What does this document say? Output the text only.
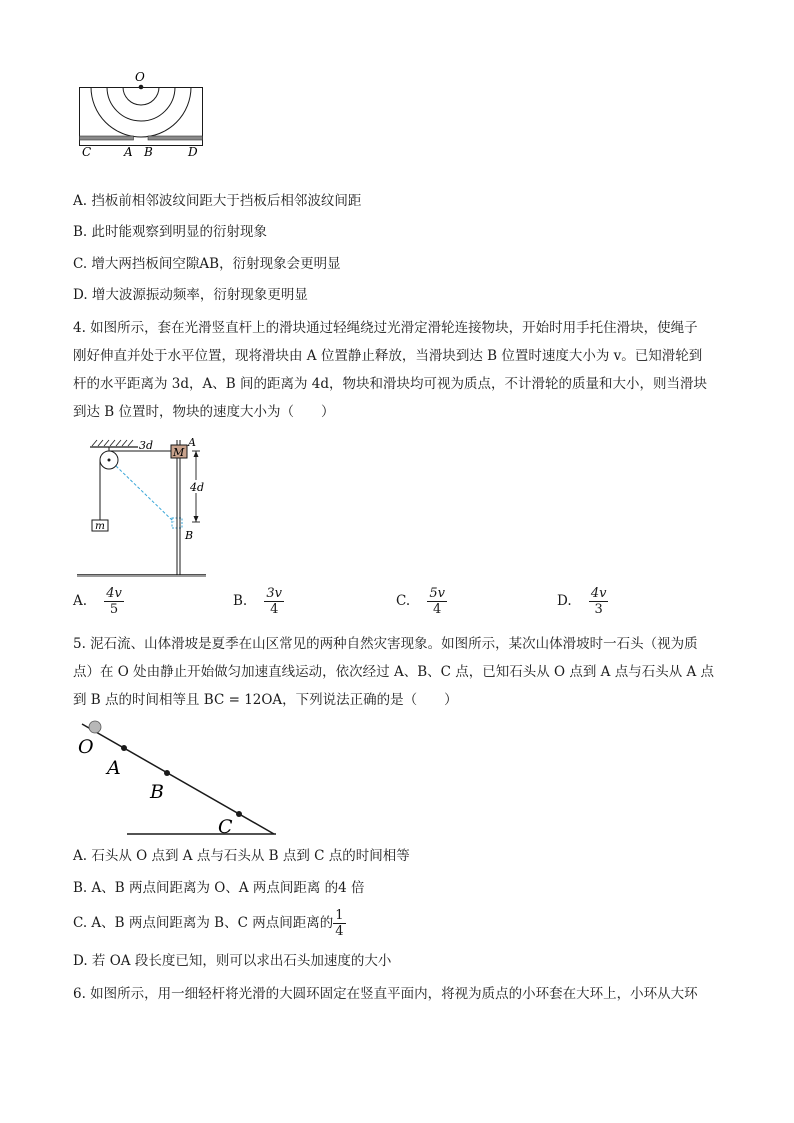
O
C	A B	D
A. 挡板前相邻波纹间距大于挡板后相邻波纹间距
B. 此时能观察到明显的衍射现象
C. 增大两挡板间空隙AB，衍射现象会更明显
D. 增大波源振动频率，衍射现象更明显
4. 如图所示，套在光滑竖直杆上的滑块通过轻绳绕过光滑定滑轮连接物块，开始时用手托住滑块，使绳子
刚好伸直并处于水平位置，现将滑块由 A 位置静止释放，当滑块到达 B 位置时速度大小为 v。已知滑轮到
杆的水平距离为 3d，A、B 间的距离为 4d，物块和滑块均可视为质点，不计滑轮的质量和大小，则当滑块
到达 B 位置时，物块的速度大小为（　　）
m
M
3d	A
B
4d
A. $\frac{4v}{5}$	B. $\frac{3v}{4}$	C. $\frac{5v}{4}$	D. $\frac{4v}{3}$
5. 泥石流、山体滑坡是夏季在山区常见的两种自然灾害现象。如图所示，某次山体滑坡时一石头（视为质
点）在 O 处由静止开始做匀加速直线运动，依次经过 A、B、C 点，已知石头从 O 点到 A 点与石头从 A 点
到 B 点的时间相等且 BC = 12OA，下列说法正确的是（　　）
O
A
B
C
A. 石头从 O 点到 A 点与石头从 B 点到 C 点的时间相等
B. A、B 两点间距离为 O、A 两点间距离 的4 倍
C. A、B 两点间距离为 B、C 两点间距离的 $\frac{1}{4}$
D. 若 OA 段长度已知，则可以求出石头加速度的大小
6. 如图所示，用一细轻杆将光滑的大圆环固定在竖直平面内，将视为质点的小环套在大环上，小环从大环
